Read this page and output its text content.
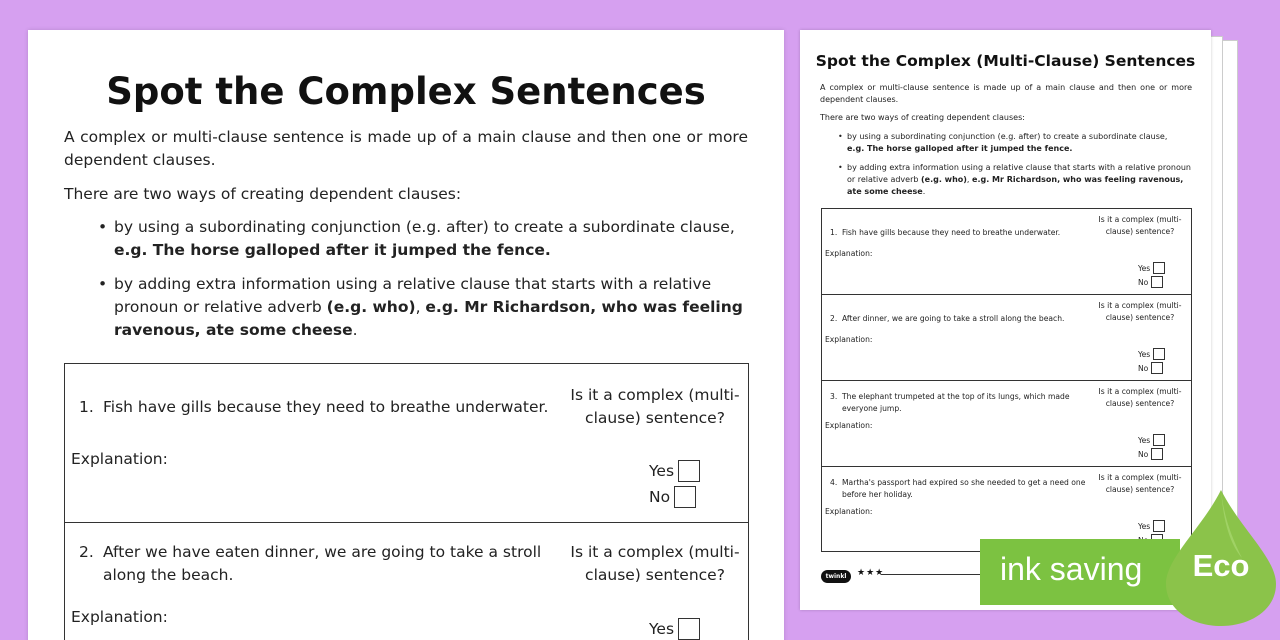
Spot the Complex Sentences
A complex or multi-clause sentence is made up of a main clause and then one or more dependent clauses.
There are two ways of creating dependent clauses:
• by using a subordinating conjunction (e.g. after) to create a subordinate clause,
e.g. The horse galloped after it jumped the fence.
• by adding extra information using a relative clause that starts with a relative pronoun or relative adverb (e.g. who), e.g. Mr Richardson, who was feeling ravenous, ate some cheese.
1. Fish have gills because they need to breathe underwater.
Is it a complex (multi-clause) sentence?
Explanation:
Yes
No
2. After we have eaten dinner, we are going to take a stroll along the beach.
Is it a complex (multi-clause) sentence?
Explanation:
Yes
Spot the Complex (Multi-Clause) Sentences
A complex or multi-clause sentence is made up of a main clause and then one or more dependent clauses.
There are two ways of creating dependent clauses:
• by using a subordinating conjunction (e.g. after) to create a subordinate clause,
e.g. The horse galloped after it jumped the fence.
• by adding extra information using a relative clause that starts with a relative pronoun or relative adverb (e.g. who), e.g. Mr Richardson, who was feeling ravenous, ate some cheese.
1. Fish have gills because they need to breathe underwater.
Is it a complex (multi-clause) sentence?
Explanation:
Yes
No
2. After dinner, we are going to take a stroll along the beach.
Is it a complex (multi-clause) sentence?
Explanation:
Yes
No
3. The elephant trumpeted at the top of its lungs, which made everyone jump.
Is it a complex (multi-clause) sentence?
Explanation:
Yes
No
4. Martha's passport had expired so she needed to get a need one before her holiday.
Is it a complex (multi-clause) sentence?
Explanation:
Yes
twinkl	★★★	ink saving	Eco
